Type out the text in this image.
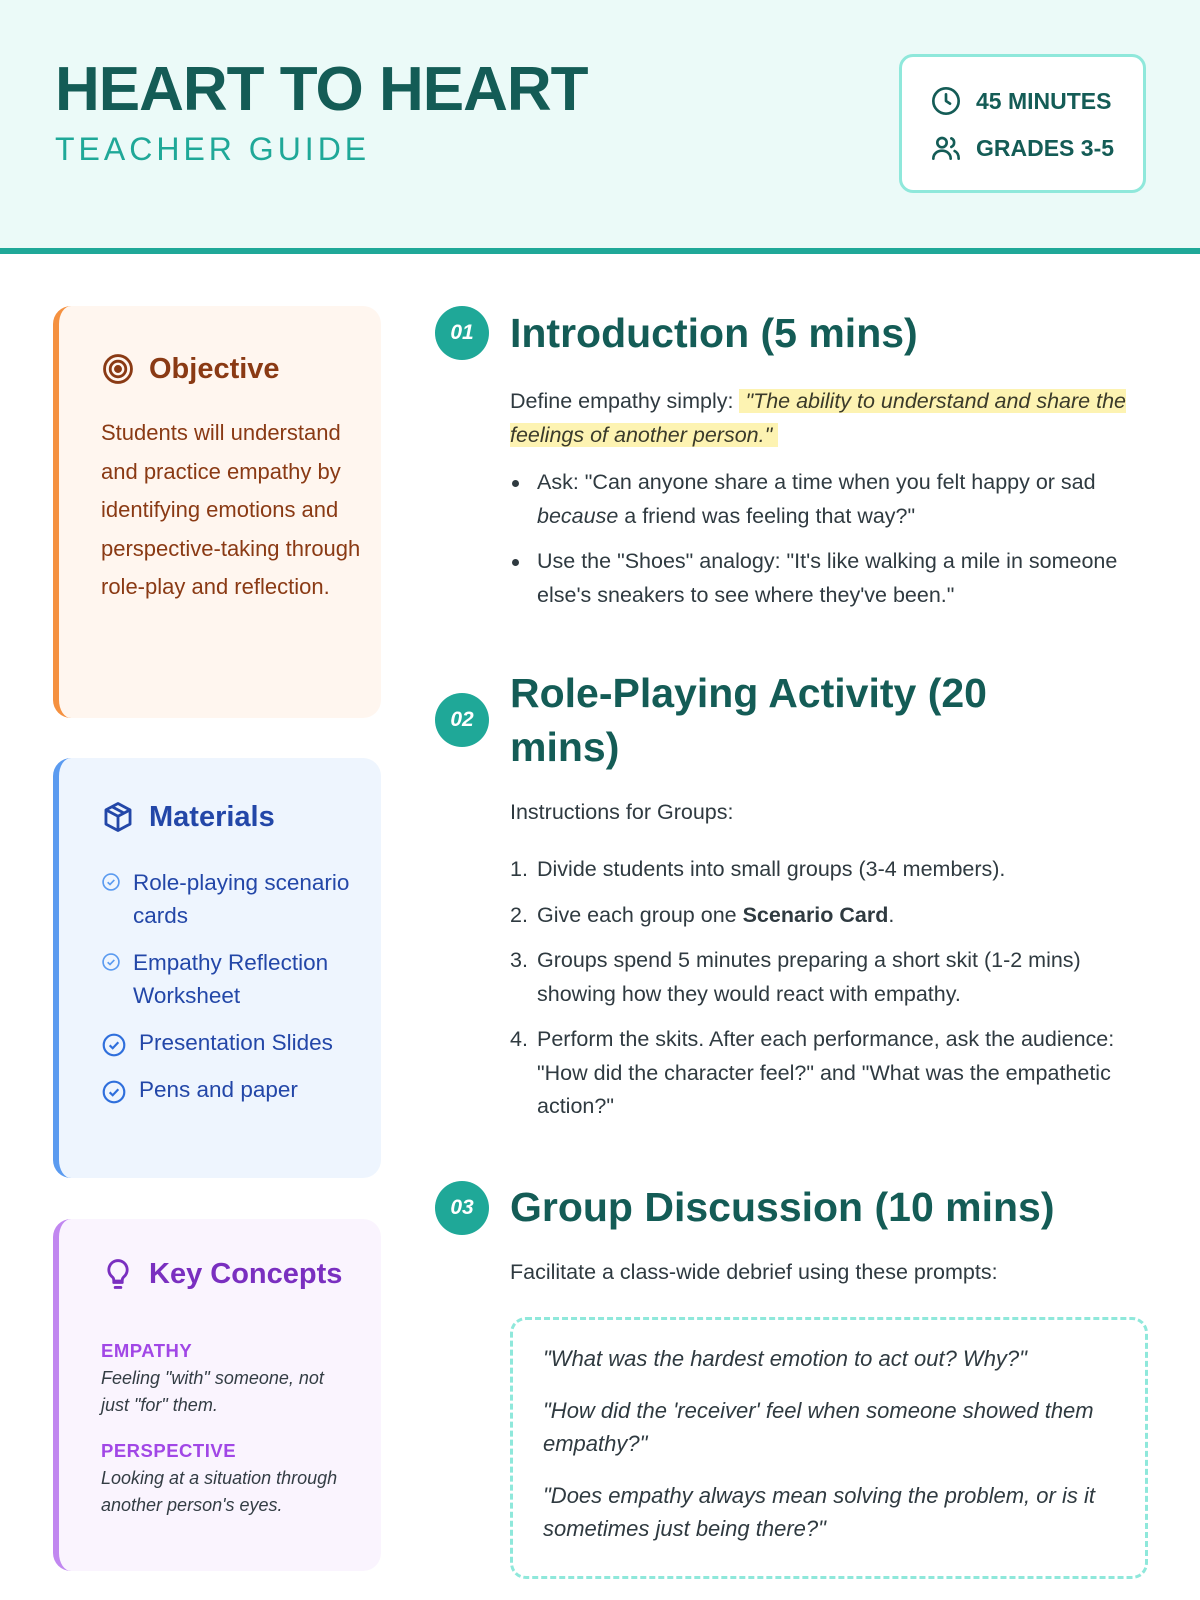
HEART TO HEART
TEACHER GUIDE
45 MINUTES
GRADES 3-5
Objective
Students will understand and practice empathy by identifying emotions and perspective-taking through role-play and reflection.
Materials
Role-playing scenario cards
Empathy Reflection Worksheet
Presentation Slides
Pens and paper
Key Concepts
EMPATHY
Feeling "with" someone, not just "for" them.
PERSPECTIVE
Looking at a situation through another person's eyes.
01 Introduction (5 mins)
Define empathy simply: "The ability to understand and share the feelings of another person."
Ask: "Can anyone share a time when you felt happy or sad because a friend was feeling that way?"
Use the "Shoes" analogy: "It's like walking a mile in someone else's sneakers to see where they've been."
02
Role-Playing Activity (20
mins)
Instructions for Groups:
1. Divide students into small groups (3-4 members).
2. Give each group one Scenario Card.
3. Groups spend 5 minutes preparing a short skit (1-2 mins) showing how they would react with empathy.
4. Perform the skits. After each performance, ask the audience: "How did the character feel?" and "What was the empathetic action?"
03 Group Discussion (10 mins)
Facilitate a class-wide debrief using these prompts:

"What was the hardest emotion to act out? Why?"

"How did the 'receiver' feel when someone showed them empathy?"

"Does empathy always mean solving the problem, or is it sometimes just being there?"
